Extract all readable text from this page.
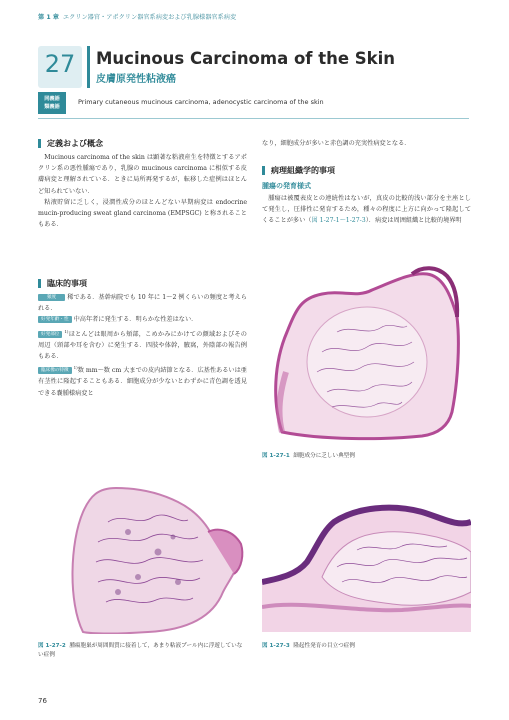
第 1 章 エクリン器官・アポクリン器官系病変および乳腺様器官系病変
27	Mucinous Carcinoma of the Skin
皮膚原発性粘液癌
同義語
類義語
Primary cutaneous mucinous carcinoma, adenocystic carcinoma of the skin
定義および概念

Mucinous carcinoma of the skin は顕著な粘液産生を特徴とするアポクリン系の悪性腫瘍であり，乳腺の mucinous carcinoma に相似する皮膚病変と理解されている．ときに局所再発するが，転移した症例はほとんど知られていない．

粘液貯留に乏しく，浸潤性成分のほとんどない早期病変は endocrine mucin-producing sweat gland carcinoma (EMPSGC) と称されることもある．

臨床的事項

頻度 稀である．基幹病院でも 10 年に 1～2 例くらいの頻度と考えられる．

好発年齢・性 中高年者に発生する．明らかな性差はない．

好発部位$^{1)}$ほとんどは眼周から頬部，こめかみにかけての顔域およびその周辺（頸部や耳を含む）に発生する．四肢や体幹，腋窩，外陰部の報告例もある．

臨床像の特徴$^{1)}$数 mm～数 cm 大までの皮内結節となる．広基性あるいは亜有茎性に隆起することもある．細胞成分が少ないとわずかに青色調を透見できる嚢腫様病変と

なり，細胞成分が多いと赤色調の充実性病変となる．
病理組織学的事項
腫瘍の発育様式

腫瘍は被覆表皮との連続性はないが，真皮の比較的浅い部分を主座として発生し，圧排性に発育するため，種々の程度に上方に向かって隆起してくることが多い（図 1-27-1～1-27-3）．病変は周囲組織と比較的境界明

図 1-27-1 細胞成分に乏しい典型例
図 1-27-2 腫瘍胞巣が周囲間質に接着して，あまり粘液プール内に浮遊していない症例
図 1-27-3 隆起性発育の目立つ症例
76
